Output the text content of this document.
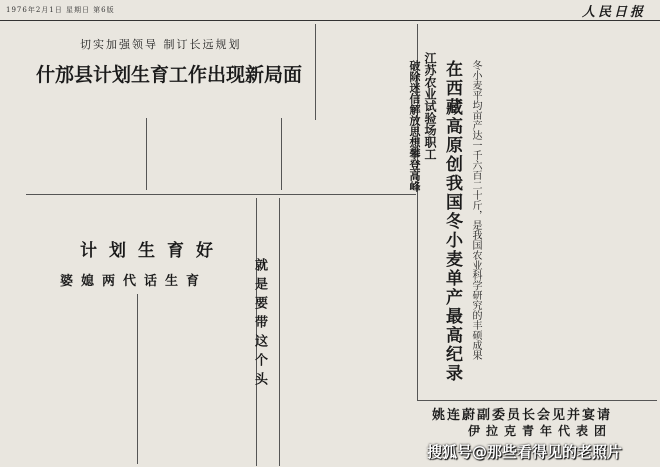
1976年2月1日 星期日 第6版	人民日报
切实加强领导 制订长远规划
什邡县计划生育工作出现新局面
计划生育好
婆媳两代话生育	就是要带这个头
江苏农业试验场职工
破除迷信解放思想攀登高峰 在西藏高原创我国冬小麦单产最高纪录 冬小麦平均亩产达一千六百二十斤，是我国农业科学研究的丰硕成果
姚连蔚副委员长会见并宴请
伊拉克青年代表团
搜狐号@那些看得见的老照片
